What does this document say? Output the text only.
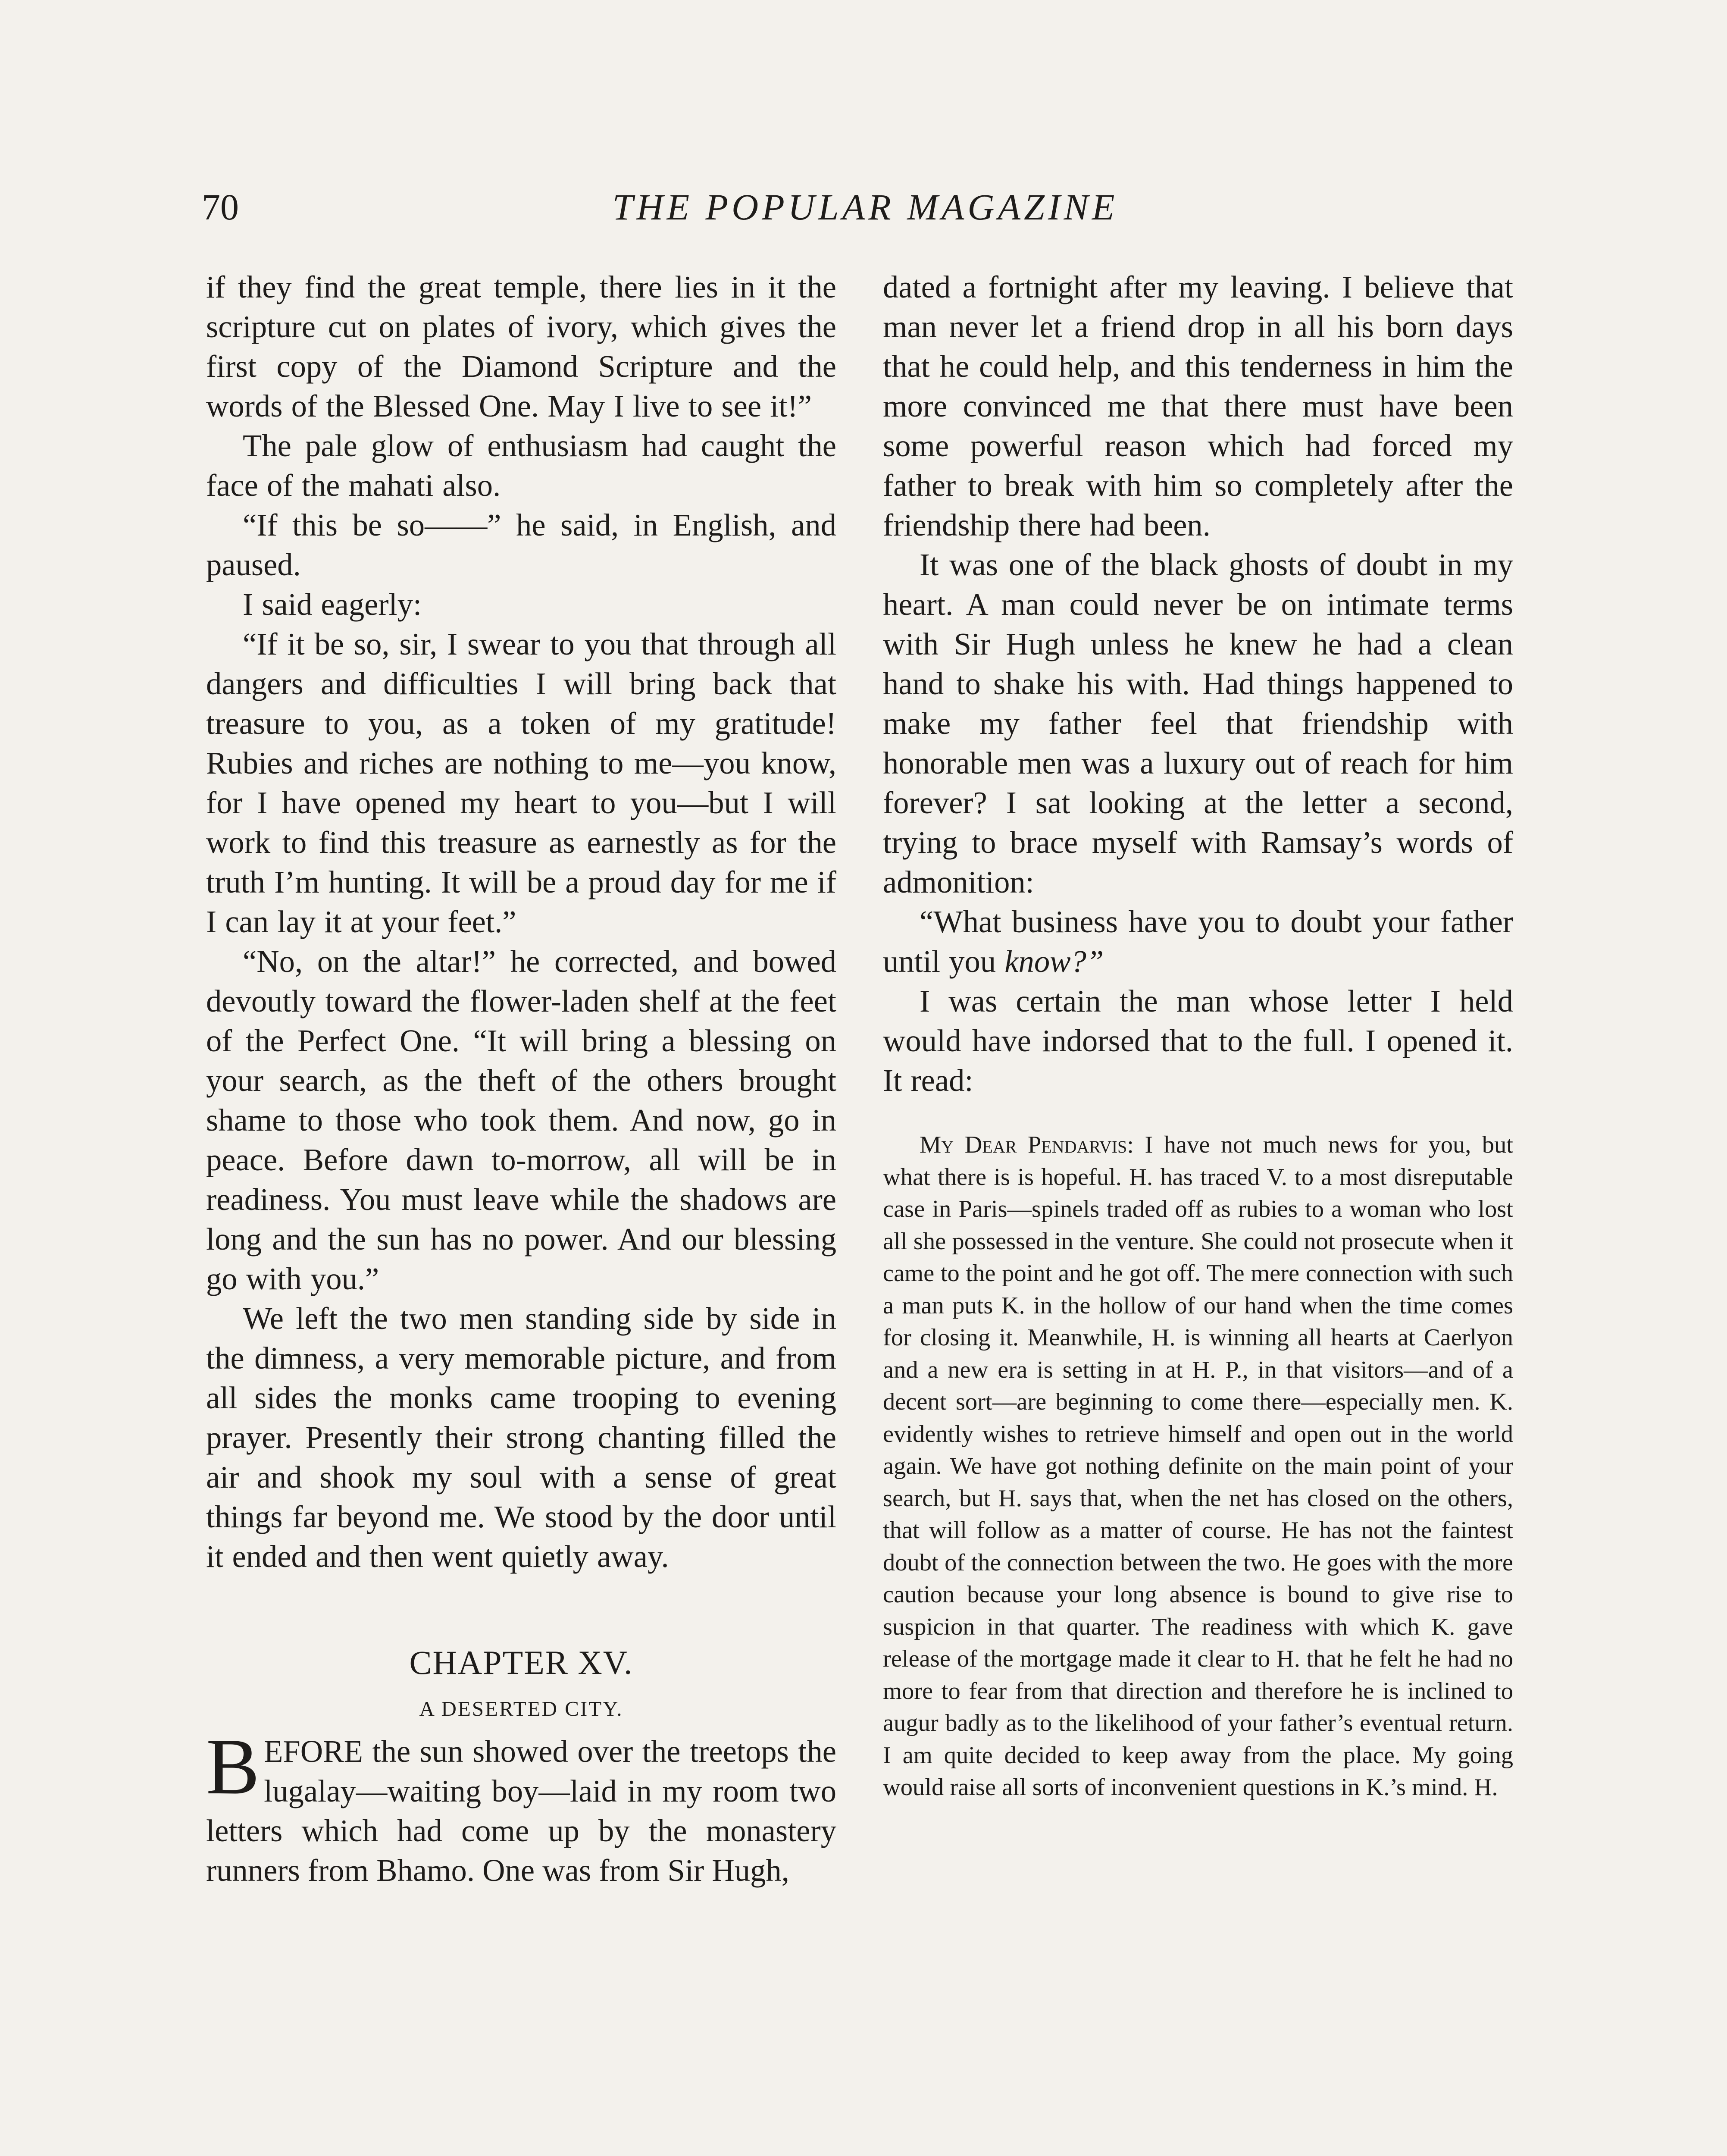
70	THE POPULAR MAGAZINE

if they find the great temple, there lies in it the scripture cut on plates of ivory, which gives the first copy of the Diamond Scripture and the words of the Blessed One. May I live to see it!”

The pale glow of enthusiasm had caught the face of the mahati also.

“If this be so——” he said, in English, and paused.

I said eagerly:

“If it be so, sir, I swear to you that through all dangers and difficulties I will bring back that treasure to you, as a token of my gratitude! Rubies and riches are nothing to me—you know, for I have opened my heart to you—but I will work to find this treasure as earnestly as for the truth I’m hunting. It will be a proud day for me if I can lay it at your feet.”

“No, on the altar!” he corrected, and bowed devoutly toward the flower-laden shelf at the feet of the Perfect One. “It will bring a blessing on your search, as the theft of the others brought shame to those who took them. And now, go in peace. Before dawn to-morrow, all will be in readiness. You must leave while the shadows are long and the sun has no power. And our blessing go with you.”

We left the two men standing side by side in the dimness, a very memorable picture, and from all sides the monks came trooping to evening prayer. Presently their strong chanting filled the air and shook my soul with a sense of great things far beyond me. We stood by the door until it ended and then went quietly away.

CHAPTER XV.
A DESERTED CITY.

BEFORE the sun showed over the treetops the lugalay—waiting boy—laid in my room two letters which had come up by the monastery runners from Bhamo. One was from Sir Hugh,

dated a fortnight after my leaving. I believe that man never let a friend drop in all his born days that he could help, and this tenderness in him the more convinced me that there must have been some powerful reason which had forced my father to break with him so completely after the friendship there had been.

It was one of the black ghosts of doubt in my heart. A man could never be on intimate terms with Sir Hugh unless he knew he had a clean hand to shake his with. Had things happened to make my father feel that friendship with honorable men was a luxury out of reach for him forever? I sat looking at the letter a second, trying to brace myself with Ramsay’s words of admonition:

“What business have you to doubt your father until you know?”

I was certain the man whose letter I held would have indorsed that to the full. I opened it. It read:

My Dear Pendarvis: I have not much news for you, but what there is is hopeful. H. has traced V. to a most disreputable case in Paris—spinels traded off as rubies to a woman who lost all she possessed in the venture. She could not prosecute when it came to the point and he got off. The mere connection with such a man puts K. in the hollow of our hand when the time comes for closing it. Meanwhile, H. is winning all hearts at Caerlyon and a new era is setting in at H. P., in that visitors—and of a decent sort—are beginning to come there—especially men. K. evidently wishes to retrieve himself and open out in the world again. We have got nothing definite on the main point of your search, but H. says that, when the net has closed on the others, that will follow as a matter of course. He has not the faintest doubt of the connection between the two. He goes with the more caution because your long absence is bound to give rise to suspicion in that quarter. The readiness with which K. gave release of the mortgage made it clear to H. that he felt he had no more to fear from that direction and therefore he is inclined to augur badly as to the likelihood of your father’s eventual return. I am quite decided to keep away from the place. My going would raise all sorts of inconvenient questions in K.’s mind. H.
